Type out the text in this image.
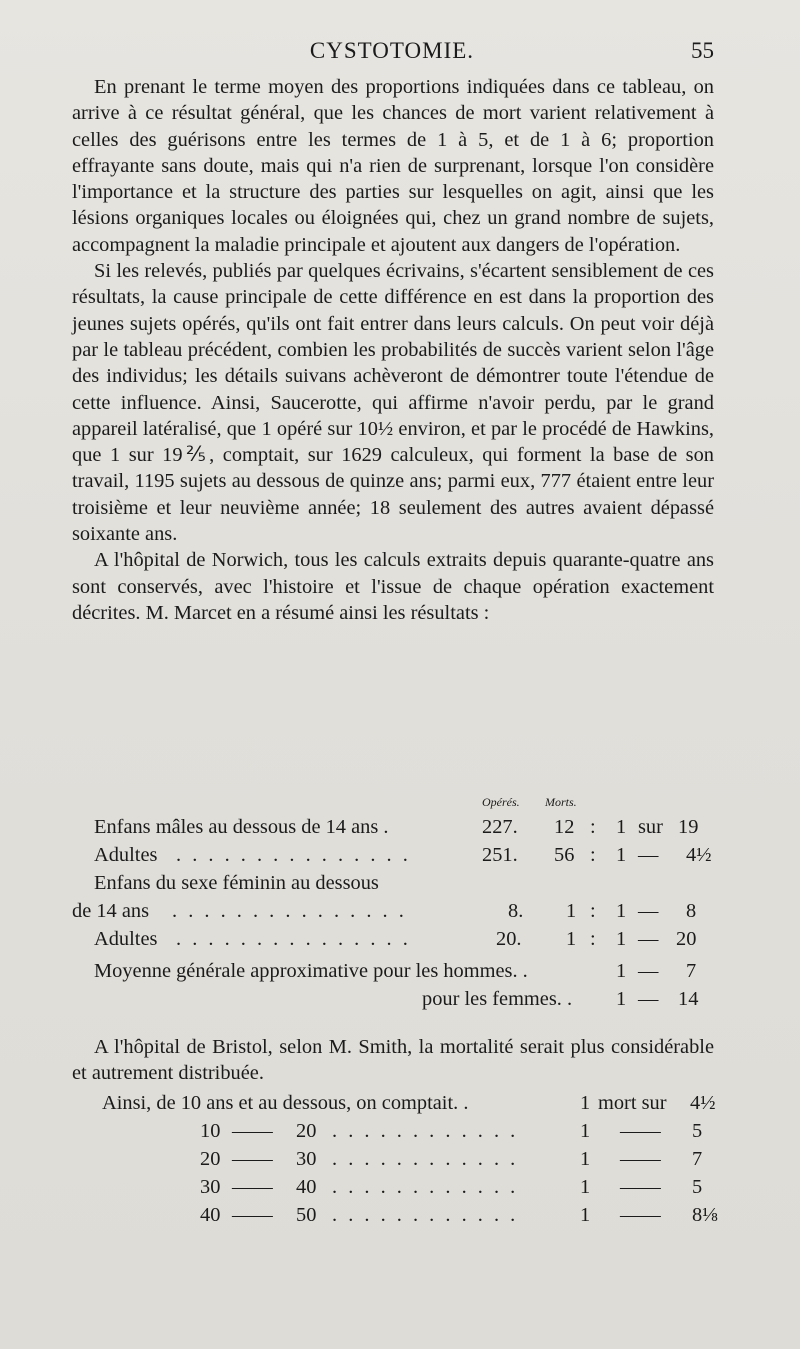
CYSTOTOMIE.	55

En prenant le terme moyen des proportions indiquées dans ce tableau, on arrive à ce résultat général, que les chances de mort varient relativement à celles des guérisons entre les termes de 1 à 5, et de 1 à 6; proportion effrayante sans doute, mais qui n'a rien de surprenant, lorsque l'on considère l'importance et la structure des parties sur lesquelles on agit, ainsi que les lésions organiques locales ou éloignées qui, chez un grand nombre de sujets, accompagnent la maladie principale et ajoutent aux dangers de l'opération.

Si les relevés, publiés par quelques écrivains, s'écartent sensiblement de ces résultats, la cause principale de cette différence en est dans la proportion des jeunes sujets opérés, qu'ils ont fait entrer dans leurs calculs. On peut voir déjà par le tableau précédent, combien les probabilités de succès varient selon l'âge des individus; les détails suivans achèveront de démontrer toute l'étendue de cette influence. Ainsi, Saucerotte, qui affirme n'avoir perdu, par le grand appareil latéralisé, que 1 opéré sur 10½ environ, et par le procédé de Hawkins, que 1 sur 19⅖, comptait, sur 1629 calculeux, qui forment la base de son travail, 1195 sujets au dessous de quinze ans; parmi eux, 777 étaient entre leur troisième et leur neuvième année; 18 seulement des autres avaient dépassé soixante ans.

A l'hôpital de Norwich, tous les calculs extraits depuis quarante-quatre ans sont conservés, avec l'histoire et l'issue de chaque opération exactement décrites. M. Marcet en a résumé ainsi les résultats :

Opérés. Morts.
Enfans mâles au dessous de 14 ans .	227. 12 : 1 sur 19
Adultes . . . . . . . . . . . . . . .	251. 56 : 1 — 4½
Enfans du sexe féminin au dessous
de 14 ans . . . . . . . . . . . . . . .	8. 1 : 1 — 8
Adultes . . . . . . . . . . . . . . .	20. 1 : 1 — 20
Moyenne générale approximative pour les hommes. .	1 — 7
pour les femmes. . 1 — 14

A l'hôpital de Bristol, selon M. Smith, la mortalité serait plus considérable et autrement distribuée.

Ainsi, de 10 ans et au dessous, on comptait. .	1 mort sur 4½
10 —— 20 . . . . . . . . . . . .	1 —— 5
20 —— 30 . . . . . . . . . . . .	1 —— 7
30 —— 40 . . . . . . . . . . . .	1 —— 5
40 —— 50 . . . . . . . . . . . .	1 —— 8⅛
